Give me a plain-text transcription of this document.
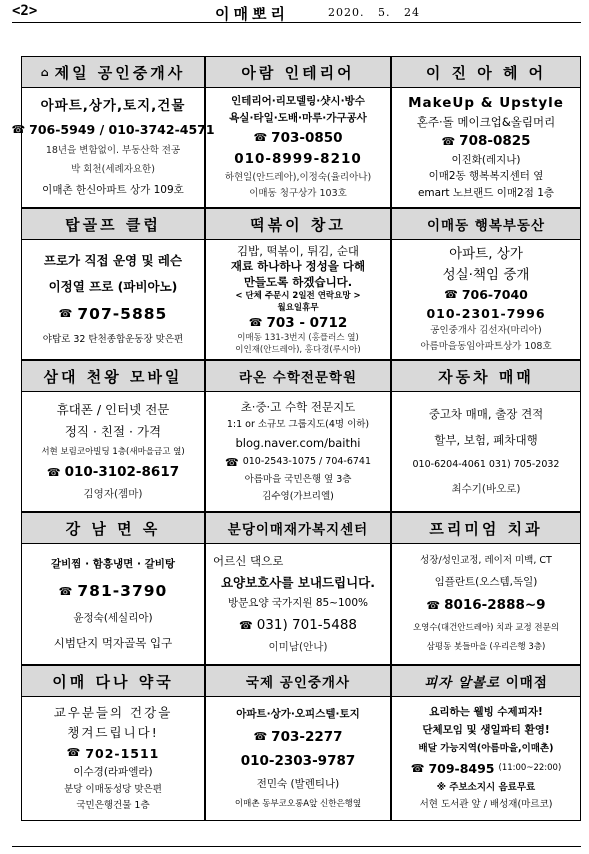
<2>	이매뽀리	2020.   5.   24
⌂ 제일 공인중개사
아파트,상가,토지,건물
☎ 706-5949 / 010-3742-4571
18년을 변함없이. 부동산학 전공
박 회천(세례자요한)
이매촌 한신아파트 상가 109호
아람 인테리어
인테리어·리모델링·샷시·방수
욕실·타일·도배·마루·가구공사
☎ 703-0850
010-8999-8210
하현일(안드레아),이정숙(율리아나)
이매동 청구상가 103호
이 진 아 헤 어
MakeUp & Upstyle
혼주·돌 메이크업&올림머리
☎ 708-0825
이진화(레지나)
이매2동 행복복지센터 옆
emart 노브랜드 이매2점 1층
탑골프 클럽
프로가 직접 운영 및 레슨
이정열 프로 (파비아노)
☎ 707-5885
야탑로 32 탄천종합운동장 맞은편
떡볶이 창고
김밥, 떡볶이, 튀김, 순대
재료 하나하나 정성을 다해
만들도록 하겠습니다.
< 단체 주문시 2일전 연락요망 >
월요일휴무
☎ 703 - 0712
이매동 131-3번지 (홍플러스 옆)
이인재(안드레아), 홍다경(루시아)
이매동 행복부동산
아파트, 상가
성실·책임 중개
☎ 706-7040
010-2301-7996
공인중개사 김선자(마리아)
아름마을동임아파트상가 108호
삼대 천왕 모바일
휴대폰 / 인터넷 전문
정직 · 친절 · 가격
서현 보림코아빌딩 1층(새마을금고 옆)
☎ 010-3102-8617
김영자(젬마)
라온 수학전문학원
초·중·고 수학 전문지도
1:1 or 소규모 그룹지도(4명 이하)
blog.naver.com/baithi
☎ 010-2543-1075 / 704-6741
아름마을 국민은행 옆 3층
김수영(가브리엘)
자동차 매매
중고차 매매, 출장 견적
할부, 보험, 폐차대행
010-6204-4061 031) 705-2032
최수기(바오로)
강 남 면 옥
갈비찜 · 함흥냉면 · 갈비탕
☎ 781-3790
윤정숙(세실리아)
시범단지 먹자골목 입구
분당이매재가복지센터
어르신 댁으로
요양보호사를 보내드립니다.
방문요양 국가지원 85~100%
☎ 031) 701-5488
이미남(안나)
프리미엄 치과
성장/성인교정, 레이저 미백, CT
임플란트(오스템,독일)
☎ 8016-2888~9
오영수(대건안드레아) 치과 교정 전문의
삼평동 봇들마을 (우리은행 3층)
이매 다나 약국
교우분들의 건강을
챙겨드립니다!
☎ 702-1511
이수경(라파엘라)
분당 이매동성당 맞은편
국민은행건물 1층
국제 공인중개사
아파트·상가·오피스텔·토지
☎ 703-2277
010-2303-9787
전민숙 (발렌티나)
이매촌 동부코오롱A앞 신한은행옆
피자 알볼로
이매점
요리하는 웰빙 수제피자!
단체모임 및 생일파티 환영!
배달 가능지역(아름마을,이매촌)
☎ 709-8495 (11:00~22:00)
※ 주보소지시 음료무료
서현 도서관 앞 / 배성재(마르코)
